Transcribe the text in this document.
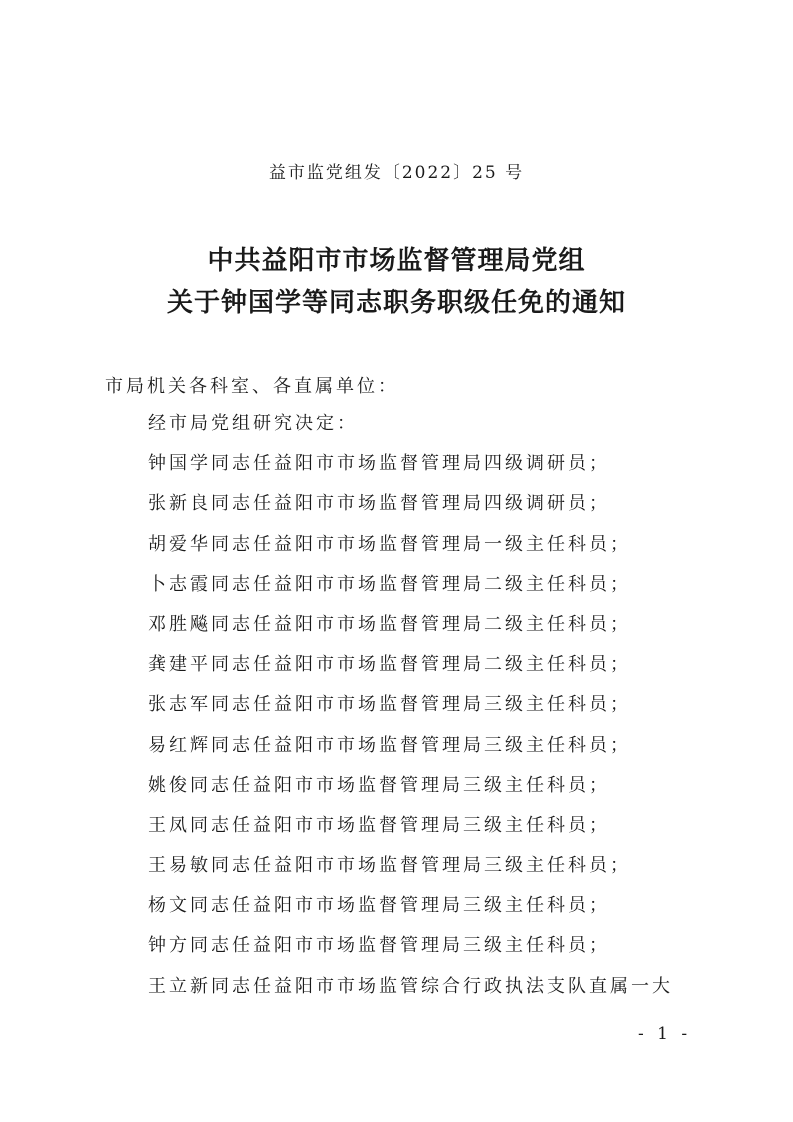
益市监党组发〔2022〕25 号
中共益阳市市场监督管理局党组
关于钟国学等同志职务职级任免的通知
市局机关各科室、各直属单位：
经市局党组研究决定：
钟国学同志任益阳市市场监督管理局四级调研员；
张新良同志任益阳市市场监督管理局四级调研员；
胡爱华同志任益阳市市场监督管理局一级主任科员；
卜志霞同志任益阳市市场监督管理局二级主任科员；
邓胜飚同志任益阳市市场监督管理局二级主任科员；
龚建平同志任益阳市市场监督管理局二级主任科员；
张志军同志任益阳市市场监督管理局三级主任科员；
易红辉同志任益阳市市场监督管理局三级主任科员；
姚俊同志任益阳市市场监督管理局三级主任科员；
王凤同志任益阳市市场监督管理局三级主任科员；
王易敏同志任益阳市市场监督管理局三级主任科员；
杨文同志任益阳市市场监督管理局三级主任科员；
钟方同志任益阳市市场监督管理局三级主任科员；
王立新同志任益阳市市场监管综合行政执法支队直属一大
- 1 -
